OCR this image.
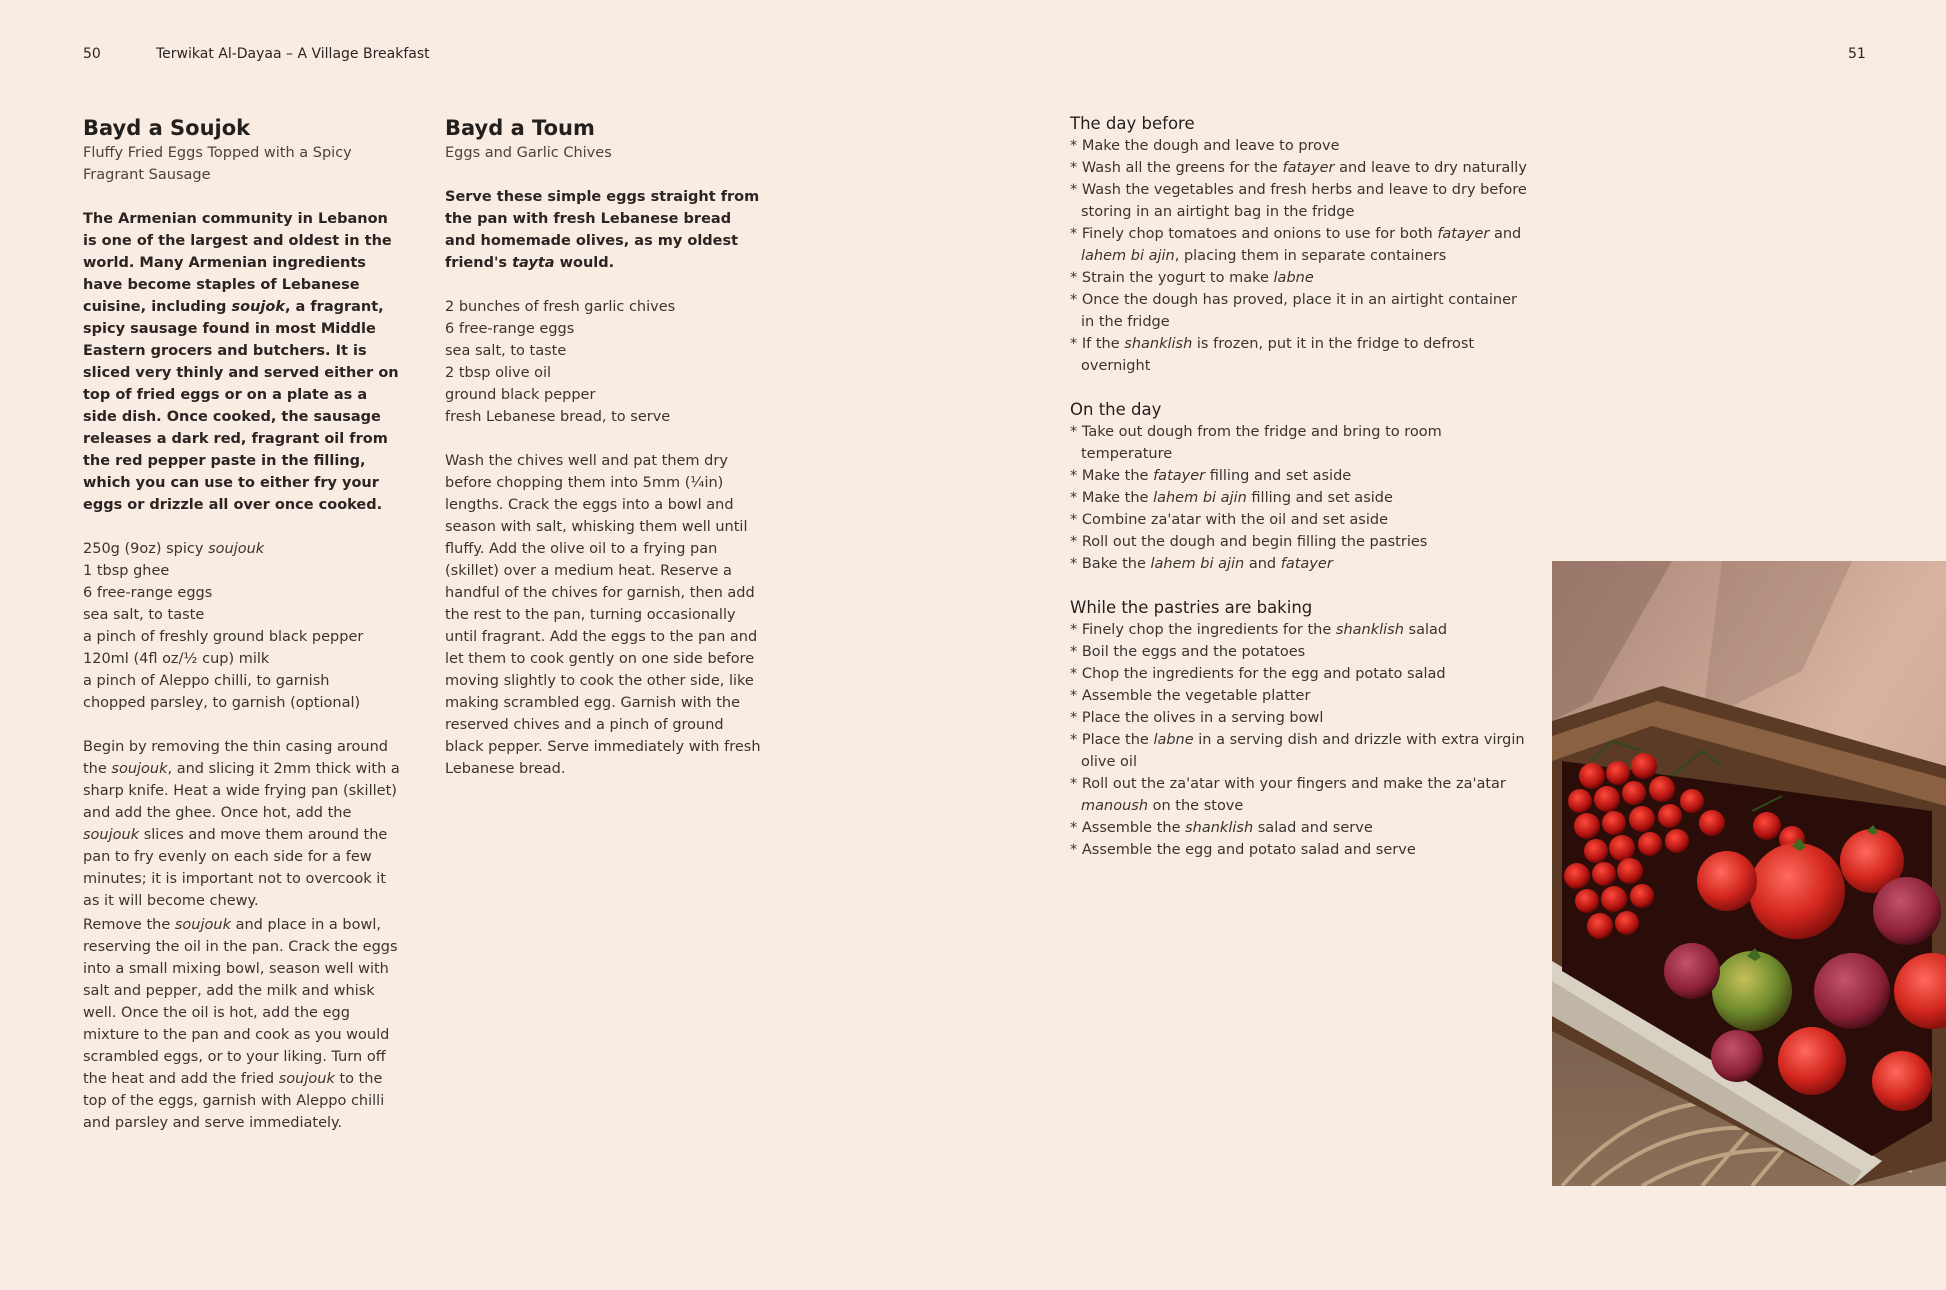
50	Terwikat Al-Dayaa – A Village Breakfast	51
Bayd a Soujok

Fluffy Fried Eggs Topped with a Spicy Fragrant Sausage

The Armenian community in Lebanon is one of the largest and oldest in the world. Many Armenian ingredients have become staples of Lebanese cuisine, including soujok, a fragrant, spicy sausage found in most Middle Eastern grocers and butchers. It is sliced very thinly and served either on top of fried eggs or on a plate as a side dish. Once cooked, the sausage releases a dark red, fragrant oil from the red pepper paste in the filling, which you can use to either fry your eggs or drizzle all over once cooked.

250g (9oz) spicy soujouk
1 tbsp ghee
6 free-range eggs
sea salt, to taste
a pinch of freshly ground black pepper
120ml (4fl oz/½ cup) milk
a pinch of Aleppo chilli, to garnish
chopped parsley, to garnish (optional)

Begin by removing the thin casing around the soujouk, and slicing it 2mm thick with a sharp knife. Heat a wide frying pan (skillet) and add the ghee. Once hot, add the soujouk slices and move them around the pan to fry evenly on each side for a few minutes; it is important not to overcook it as it will become chewy.

Remove the soujouk and place in a bowl, reserving the oil in the pan. Crack the eggs into a small mixing bowl, season well with salt and pepper, add the milk and whisk well. Once the oil is hot, add the egg mixture to the pan and cook as you would scrambled eggs, or to your liking. Turn off the heat and add the fried soujouk to the top of the eggs, garnish with Aleppo chilli and parsley and serve immediately.

Bayd a Toum

Eggs and Garlic Chives

Serve these simple eggs straight from the pan with fresh Lebanese bread and homemade olives, as my oldest friend's tayta would.

2 bunches of fresh garlic chives
6 free-range eggs
sea salt, to taste
2 tbsp olive oil
ground black pepper
fresh Lebanese bread, to serve

Wash the chives well and pat them dry before chopping them into 5mm (¼in) lengths. Crack the eggs into a bowl and season with salt, whisking them well until fluffy. Add the olive oil to a frying pan (skillet) over a medium heat. Reserve a handful of the chives for garnish, then add the rest to the pan, turning occasionally until fragrant. Add the eggs to the pan and let them to cook gently on one side before moving slightly to cook the other side, like making scrambled egg. Garnish with the reserved chives and a pinch of ground black pepper. Serve immediately with fresh Lebanese bread.

The day before
* Make the dough and leave to prove
* Wash all the greens for the fatayer and leave to dry naturally
* Wash the vegetables and fresh herbs and leave to dry before storing in an airtight bag in the fridge
* Finely chop tomatoes and onions to use for both fatayer and lahem bi ajin, placing them in separate containers
* Strain the yogurt to make labne
* Once the dough has proved, place it in an airtight container in the fridge
* If the shanklish is frozen, put it in the fridge to defrost overnight
On the day
* Take out dough from the fridge and bring to room temperature
* Make the fatayer filling and set aside
* Make the lahem bi ajin filling and set aside
* Combine za'atar with the oil and set aside
* Roll out the dough and begin filling the pastries
* Bake the lahem bi ajin and fatayer
While the pastries are baking
* Finely chop the ingredients for the shanklish salad
* Boil the eggs and the potatoes
* Chop the ingredients for the egg and potato salad
* Assemble the vegetable platter
* Place the olives in a serving bowl
* Place the labne in a serving dish and drizzle with extra virgin olive oil
* Roll out the za'atar with your fingers and make the za'atar manoush on the stove
* Assemble the shanklish salad and serve
* Assemble the egg and potato salad and serve
